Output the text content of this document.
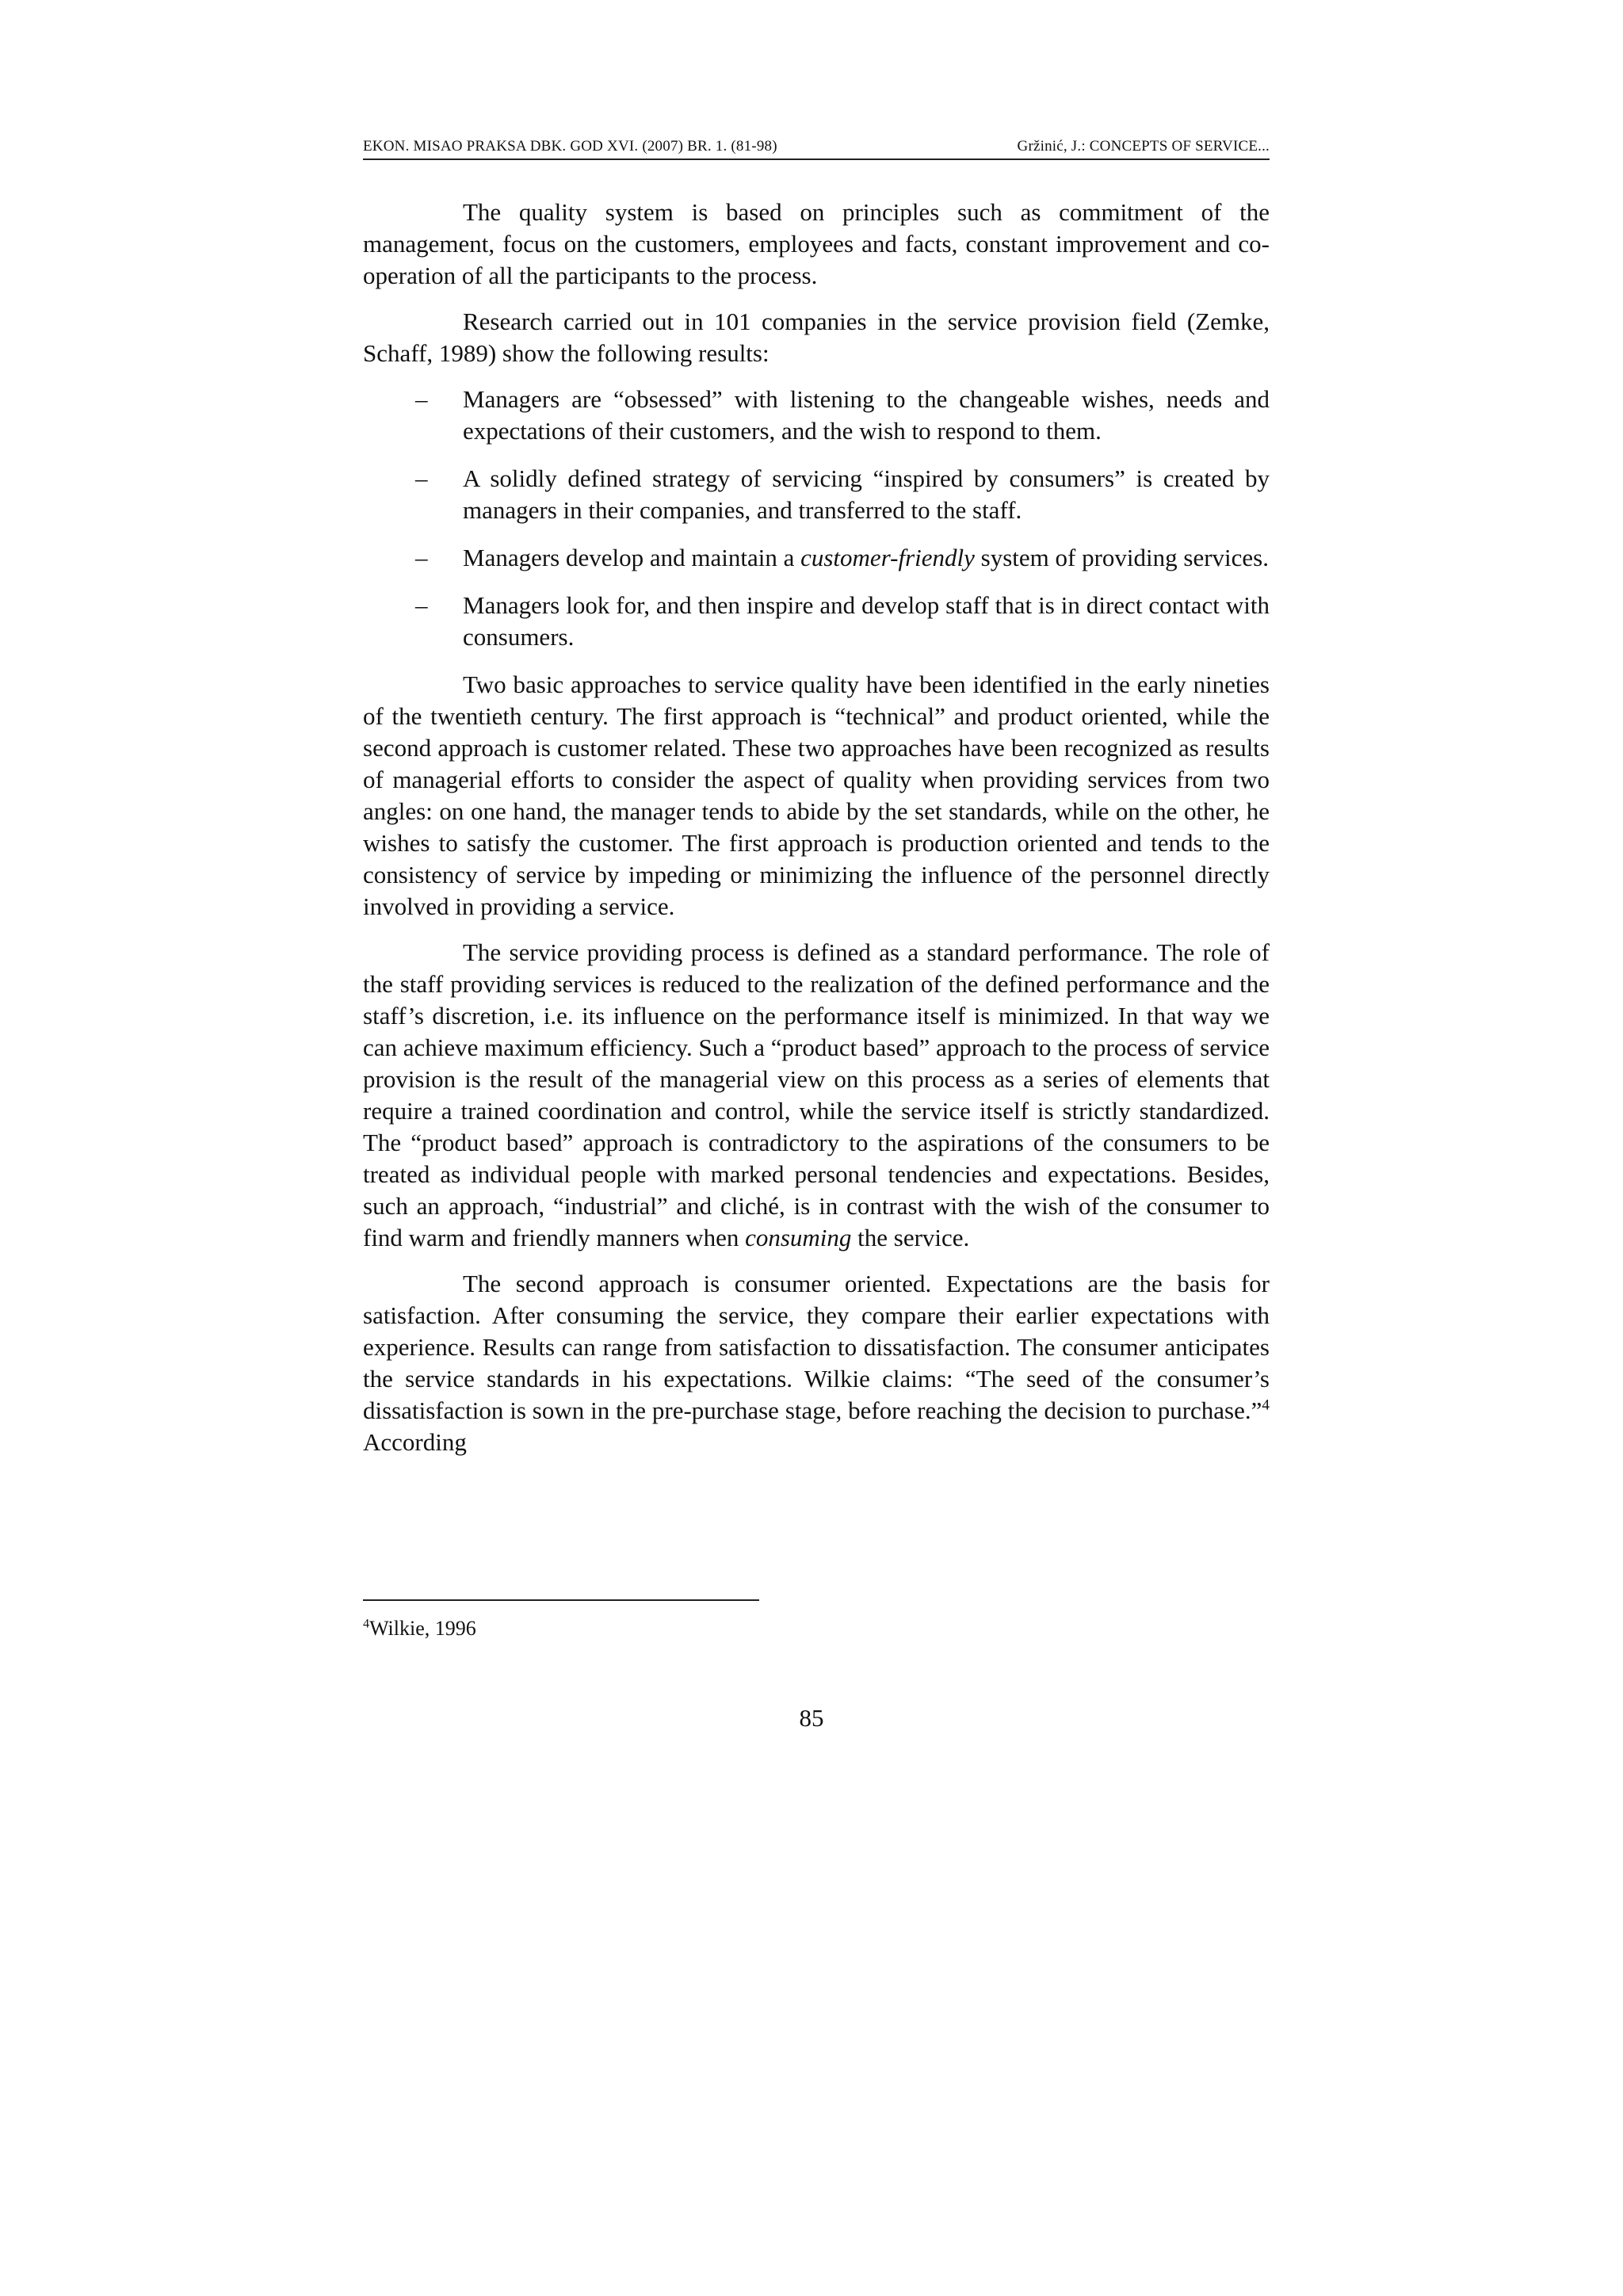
EKON. MISAO PRAKSA DBK. GOD XVI. (2007) BR. 1. (81-98)	Gržinić, J.: CONCEPTS OF SERVICE...

The quality system is based on principles such as commitment of the management, focus on the customers, employees and facts, constant improvement and co-operation of all the participants to the process.

Research carried out in 101 companies in the service provision field (Zemke, Schaff, 1989) show the following results:

– Managers are “obsessed” with listening to the changeable wishes, needs and expectations of their customers, and the wish to respond to them.
– A solidly defined strategy of servicing “inspired by consumers” is created by managers in their companies, and transferred to the staff.
– Managers develop and maintain a customer-friendly system of providing services.
– Managers look for, and then inspire and develop staff that is in direct contact with consumers.

Two basic approaches to service quality have been identified in the early nineties of the twentieth century. The first approach is “technical” and product oriented, while the second approach is customer related. These two approaches have been recognized as results of managerial efforts to consider the aspect of quality when providing services from two angles: on one hand, the manager tends to abide by the set standards, while on the other, he wishes to satisfy the customer. The first approach is production oriented and tends to the consistency of service by impeding or minimizing the influence of the personnel directly involved in providing a service.

The service providing process is defined as a standard performance. The role of the staff providing services is reduced to the realization of the defined performance and the staff’s discretion, i.e. its influence on the performance itself is minimized. In that way we can achieve maximum efficiency. Such a “product based” approach to the process of service provision is the result of the managerial view on this process as a series of elements that require a trained coordination and control, while the service itself is strictly standardized. The “product based” approach is contradictory to the aspirations of the consumers to be treated as individual people with marked personal tendencies and expectations. Besides, such an approach, “industrial” and cliché, is in contrast with the wish of the consumer to find warm and friendly manners when consuming the service.

The second approach is consumer oriented. Expectations are the basis for satisfaction. After consuming the service, they compare their earlier expectations with experience. Results can range from satisfaction to dissatisfaction. The consumer anticipates the service standards in his expectations. Wilkie claims: “The seed of the consumer’s dissatisfaction is sown in the pre-purchase stage, before reaching the decision to purchase.”$^4$ According

$^4$Wilkie, 1996
85
